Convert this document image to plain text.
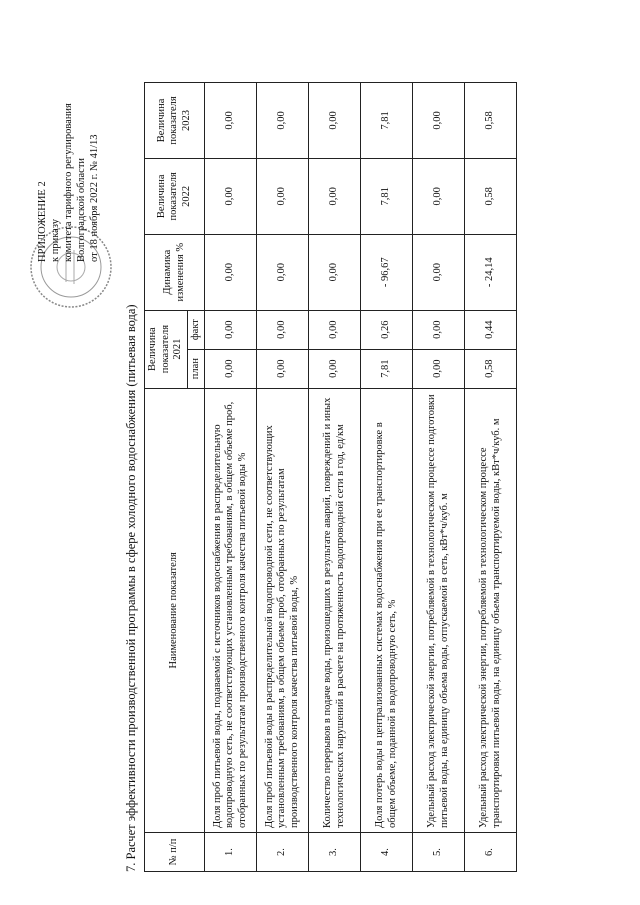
ПРИЛОЖЕНИЕ 2 к приказу комитета тарифного регулирования Волгоградской области от 18 ноября 2022 г. № 41/13
7. Расчет эффективности производственной программы в сфере холодного водоснабжения (питьевая вода)	№ п/п	Наименование показателя	Величина показателя 2021		Динамика изменения %	Величина показателя 2022	Величина показателя 2023
		план	факт			
1.	Доля проб питьевой воды, подаваемой с источников водоснабжения в распределительную водопроводную сеть, не соответствующих установленным требованиям, в общем объеме проб, отобранных по результатам производственного контроля качества питьевой воды %	0,00	0,00	0,00	0,00	0,00
2.	Доля проб питьевой воды в распределительной водопроводной сети, не соответствующих установленным требованиям, в общем объеме проб, отобранных по результатам производственного контроля качества питьевой воды, %	0,00	0,00	0,00	0,00	0,00
3.	Количество перерывов в подаче воды, произошедших в результате аварий, повреждений и иных технологических нарушений в расчете на протяженность водопроводной сети в год, ед/км	0,00	0,00	0,00	0,00	0,00
4.	Доля потерь воды в централизованных системах водоснабжения при ее транспортировке в общем объеме, поданной в водопроводную сеть, %	7,81	0,26	- 96,67	7,81	7,81
5.	Удельный расход электрической энергии, потребляемой в технологическом процессе подготовки питьевой воды, на единицу объема воды, отпускаемой в сеть, кВт*ч/куб. м	0,00	0,00	0,00	0,00	0,00
6.	Удельный расход электрической энергии, потребляемой в технологическом процессе транспортировки питьевой воды, на единицу объема транспортируемой воды, кВт*ч/куб. м	0,58	0,44	- 24,14	0,58	0,58
